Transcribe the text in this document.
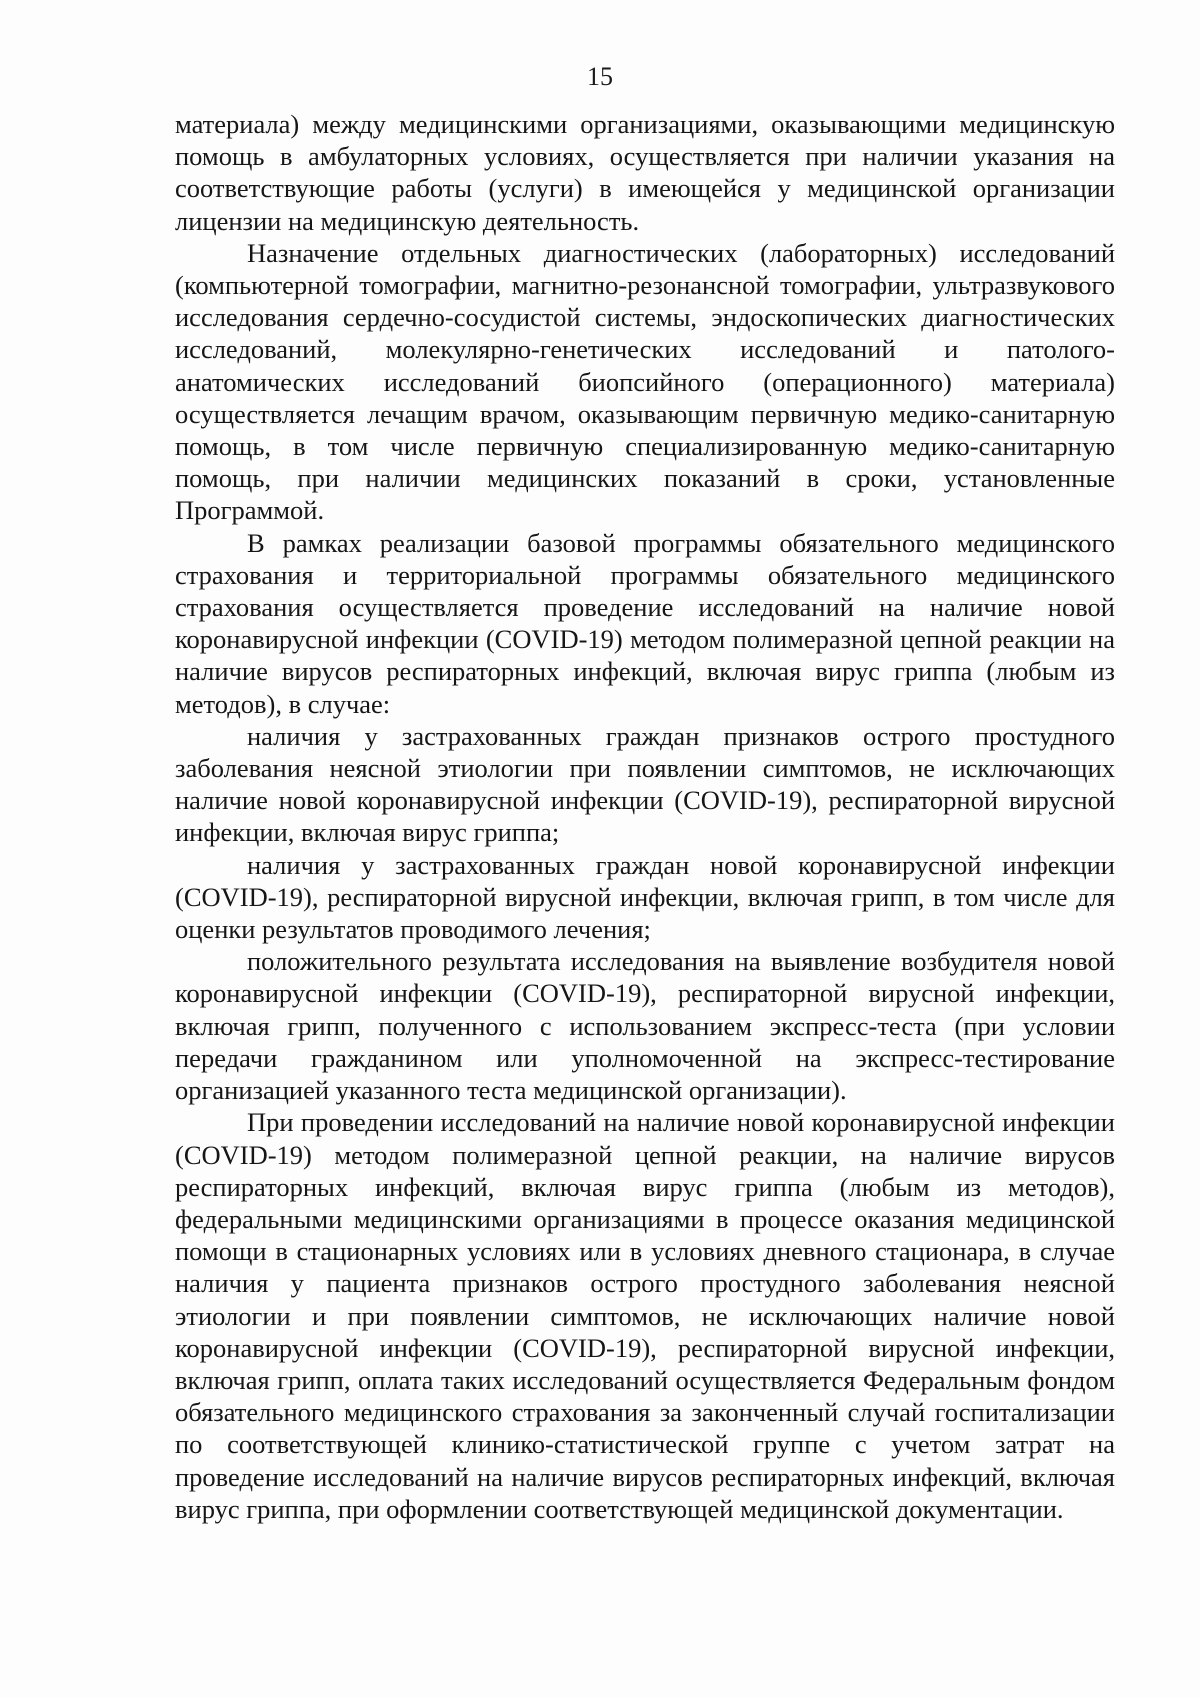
15

материала) между медицинскими организациями, оказывающими медицинскую помощь в амбулаторных условиях, осуществляется при наличии указания на соответствующие работы (услуги) в имеющейся у медицинской организации лицензии на медицинскую деятельность.

Назначение отдельных диагностических (лабораторных) исследований (компьютерной томографии, магнитно-резонансной томографии, ультразвукового исследования сердечно-сосудистой системы, эндоскопических диагностических исследований, молекулярно-генетических исследований и патолого-анатомических исследований биопсийного (операционного) материала) осуществляется лечащим врачом, оказывающим первичную медико-санитарную помощь, в том числе первичную специализированную медико-санитарную помощь, при наличии медицинских показаний в сроки, установленные Программой.

В рамках реализации базовой программы обязательного медицинского страхования и территориальной программы обязательного медицинского страхования осуществляется проведение исследований на наличие новой коронавирусной инфекции (COVID-19) методом полимеразной цепной реакции на наличие вирусов респираторных инфекций, включая вирус гриппа (любым из методов), в случае:

наличия у застрахованных граждан признаков острого простудного заболевания неясной этиологии при появлении симптомов, не исключающих наличие новой коронавирусной инфекции (COVID-19), респираторной вирусной инфекции, включая вирус гриппа;

наличия у застрахованных граждан новой коронавирусной инфекции (COVID-19), респираторной вирусной инфекции, включая грипп, в том числе для оценки результатов проводимого лечения;

положительного результата исследования на выявление возбудителя новой коронавирусной инфекции (COVID-19), респираторной вирусной инфекции, включая грипп, полученного с использованием экспресс-теста (при условии передачи гражданином или уполномоченной на экспресс-тестирование организацией указанного теста медицинской организации).

При проведении исследований на наличие новой коронавирусной инфекции (COVID-19) методом полимеразной цепной реакции, на наличие вирусов респираторных инфекций, включая вирус гриппа (любым из методов), федеральными медицинскими организациями в процессе оказания медицинской помощи в стационарных условиях или в условиях дневного стационара, в случае наличия у пациента признаков острого простудного заболевания неясной этиологии и при появлении симптомов, не исключающих наличие новой коронавирусной инфекции (COVID-19), респираторной вирусной инфекции, включая грипп, оплата таких исследований осуществляется Федеральным фондом обязательного медицинского страхования за законченный случай госпитализации по соответствующей клинико-статистической группе с учетом затрат на проведение исследований на наличие вирусов респираторных инфекций, включая вирус гриппа, при оформлении соответствующей медицинской документации.
